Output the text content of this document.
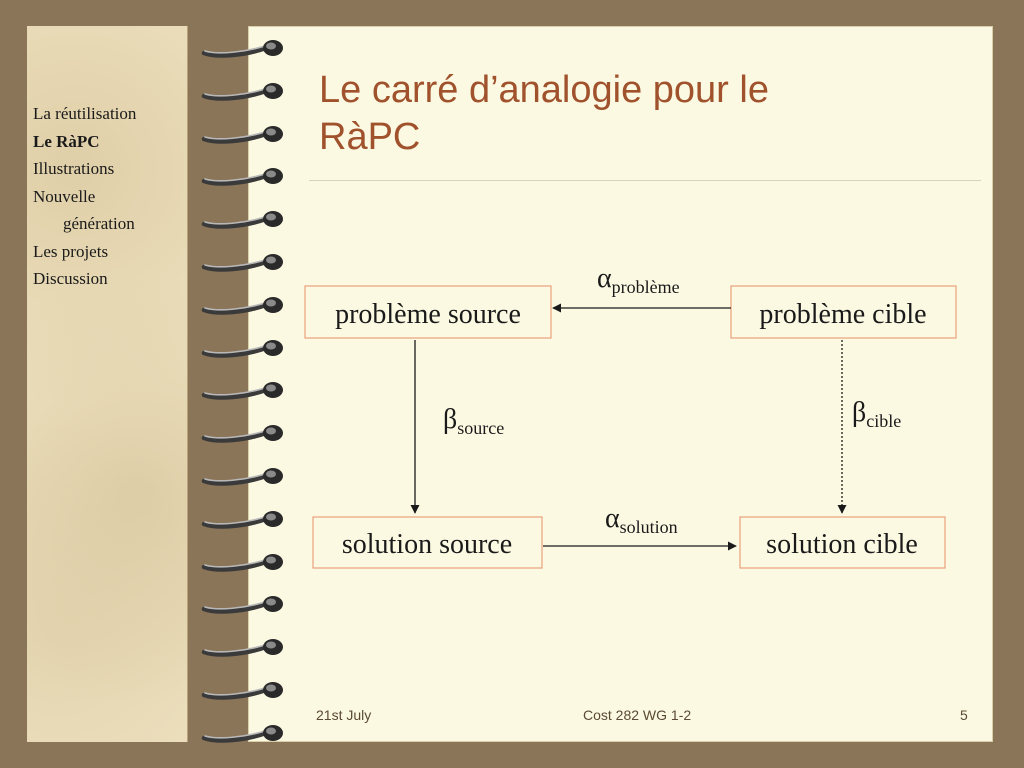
La réutilisation
Le RàPC
Illustrations
Nouvelle
génération
Les projets
Discussion
Le carré d’analogie pour le
RàPC
problème source	problème cible
solution source	solution cible
αproblème
βsource	βcible
αsolution
21st July	Cost 282 WG 1-2	5
